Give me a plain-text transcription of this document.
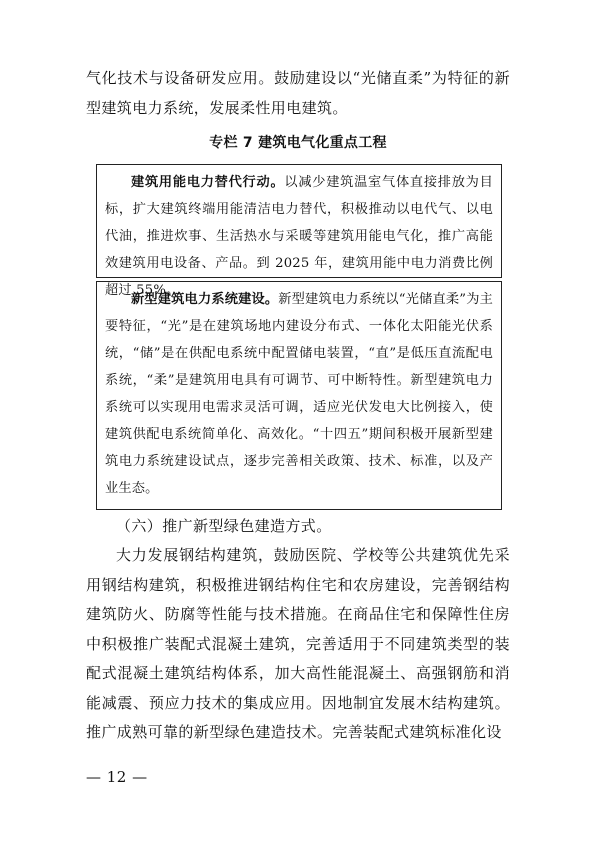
气化技术与设备研发应用。鼓励建设以“光储直柔”为特征的新型建筑电力系统，发展柔性用电建筑。

专栏 7 建筑电气化重点工程

建筑用能电力替代行动。以减少建筑温室气体直接排放为目标，扩大建筑终端用能清洁电力替代，积极推动以电代气、以电代油，推进炊事、生活热水与采暖等建筑用能电气化，推广高能效建筑用电设备、产品。到 2025 年，建筑用能中电力消费比例超过 55%。

新型建筑电力系统建设。新型建筑电力系统以“光储直柔”为主要特征，“光”是在建筑场地内建设分布式、一体化太阳能光伏系统，“储”是在供配电系统中配置储电装置，“直”是低压直流配电系统，“柔”是建筑用电具有可调节、可中断特性。新型建筑电力系统可以实现用电需求灵活可调，适应光伏发电大比例接入，使建筑供配电系统简单化、高效化。“十四五”期间积极开展新型建筑电力系统建设试点，逐步完善相关政策、技术、标准，以及产业生态。

（六）推广新型绿色建造方式。

大力发展钢结构建筑，鼓励医院、学校等公共建筑优先采用钢结构建筑，积极推进钢结构住宅和农房建设，完善钢结构建筑防火、防腐等性能与技术措施。在商品住宅和保障性住房中积极推广装配式混凝土建筑，完善适用于不同建筑类型的装配式混凝土建筑结构体系，加大高性能混凝土、高强钢筋和消能减震、预应力技术的集成应用。因地制宜发展木结构建筑。推广成熟可靠的新型绿色建造技术。完善装配式建筑标准化设

— 12 —
